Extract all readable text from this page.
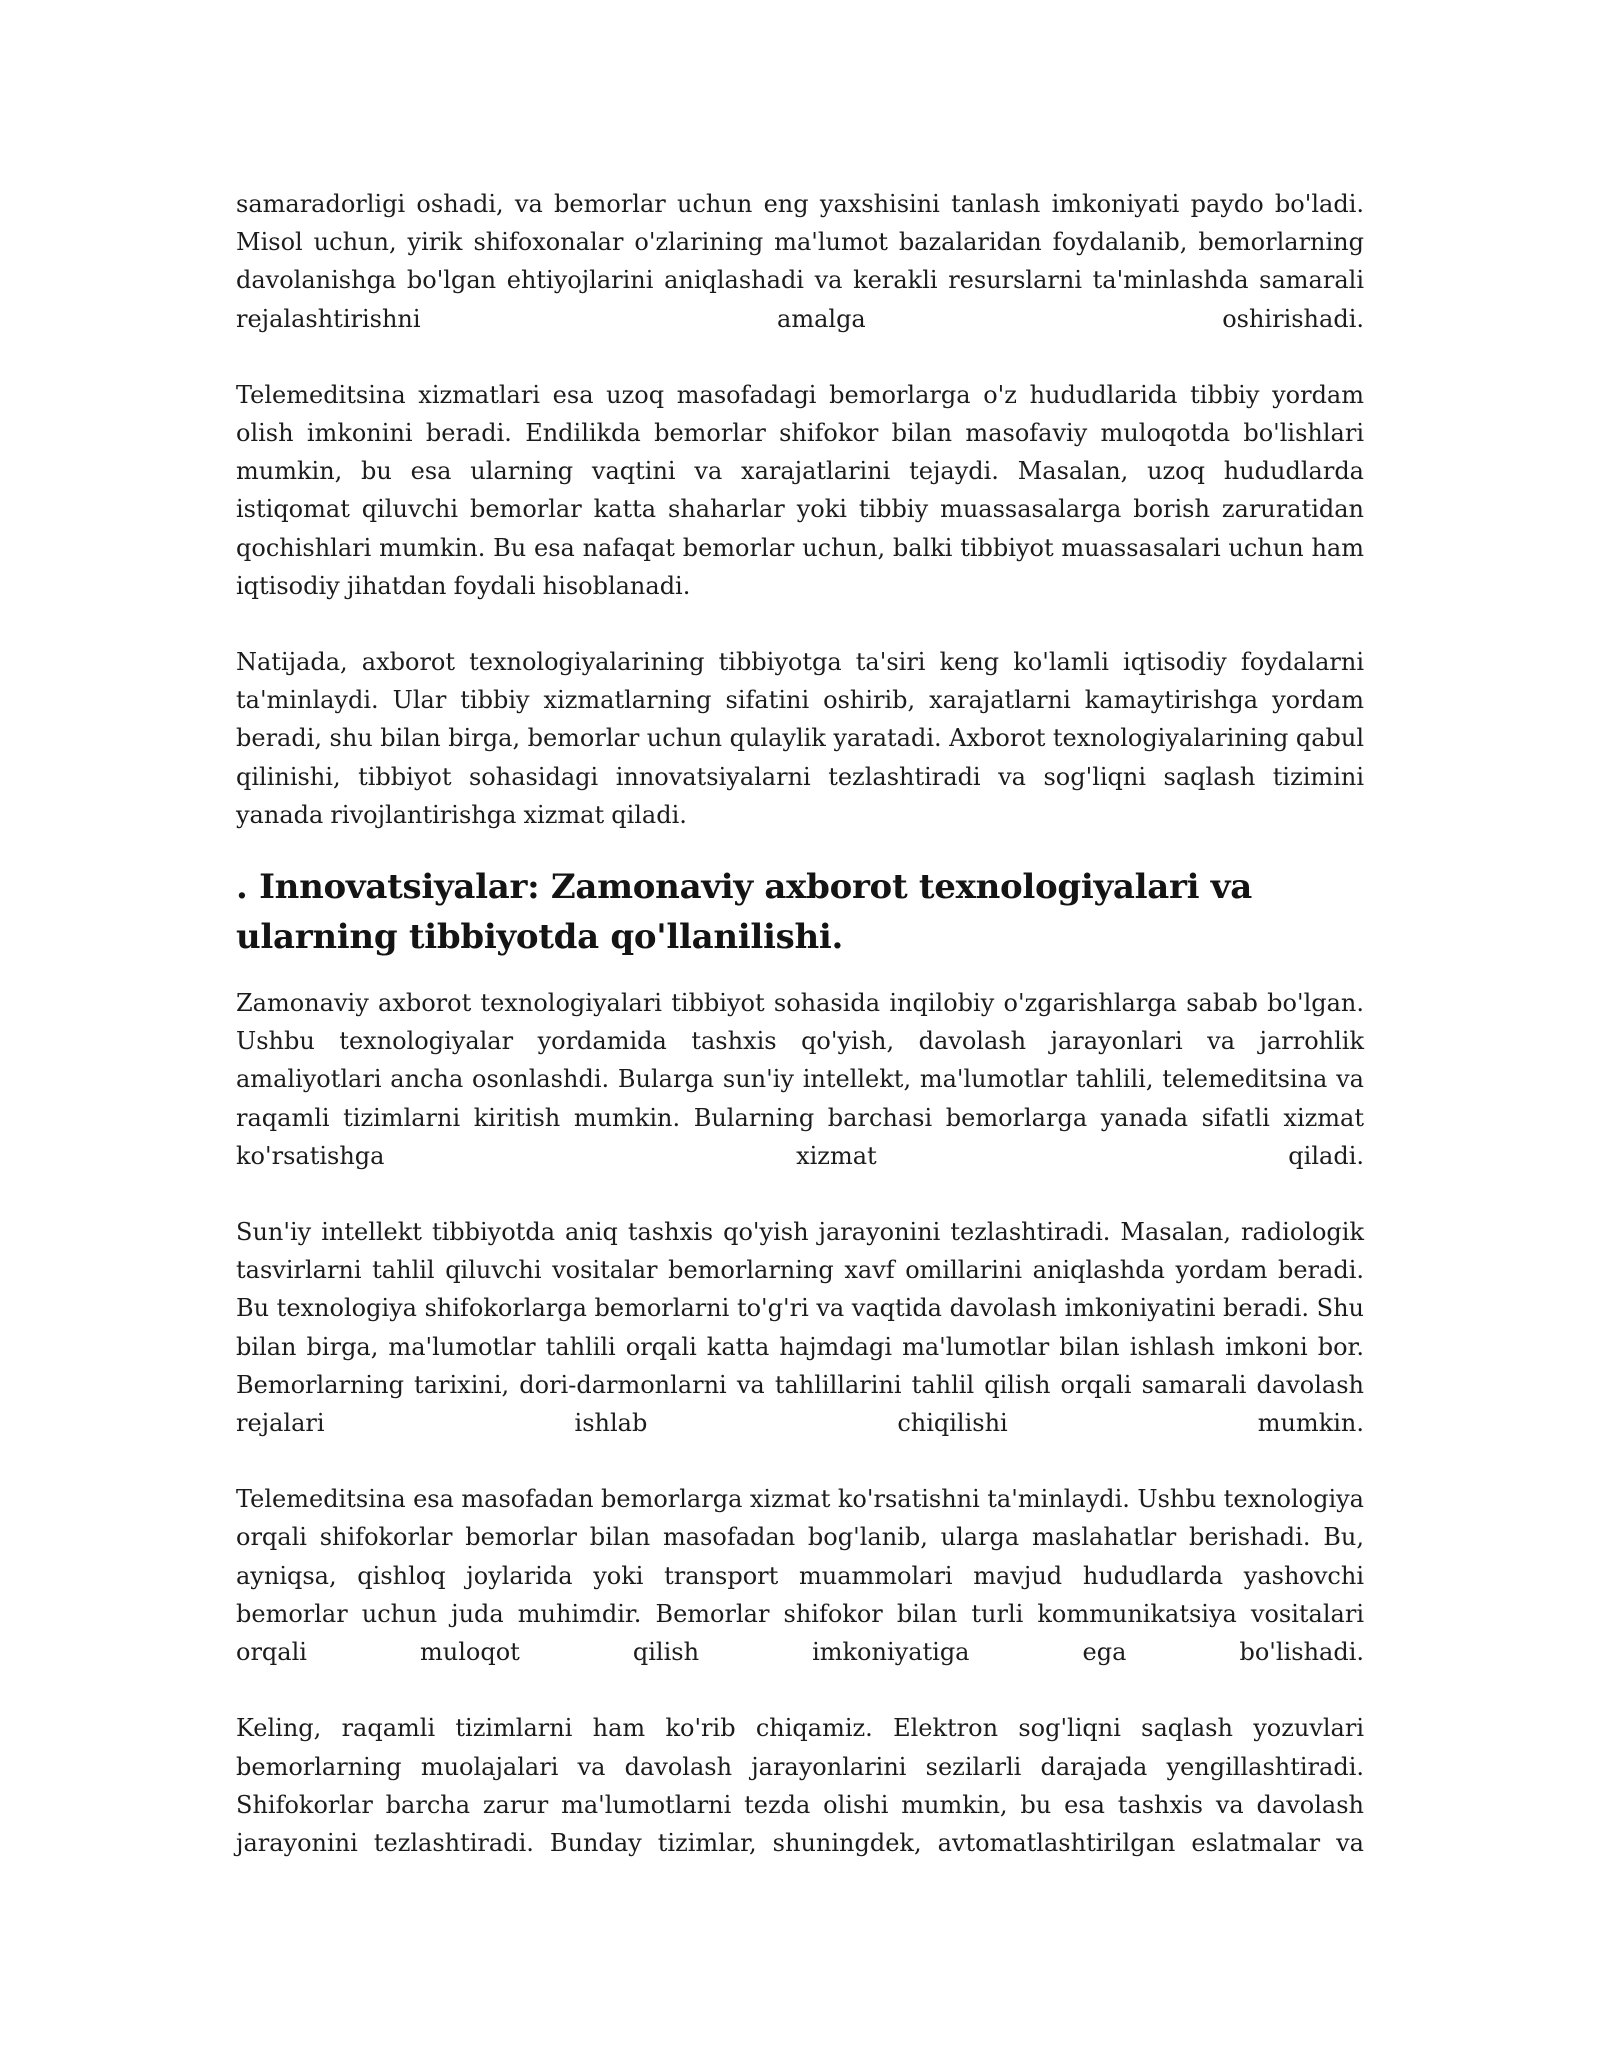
samaradorligi oshadi, va bemorlar uchun eng yaxshisini tanlash imkoniyati paydo bo'ladi. Misol uchun, yirik shifoxonalar o'zlarining ma'lumot bazalaridan foydalanib, bemorlarning davolanishga bo'lgan ehtiyojlarini aniqlashadi va kerakli resurslarni ta'minlashda samarali rejalashtirishni amalga oshirishadi.

Telemeditsina xizmatlari esa uzoq masofadagi bemorlarga o'z hududlarida tibbiy yordam olish imkonini beradi. Endilikda bemorlar shifokor bilan masofaviy muloqotda bo'lishlari mumkin, bu esa ularning vaqtini va xarajatlarini tejaydi. Masalan, uzoq hududlarda istiqomat qiluvchi bemorlar katta shaharlar yoki tibbiy muassasalarga borish zaruratidan qochishlari mumkin. Bu esa nafaqat bemorlar uchun, balki tibbiyot muassasalari uchun ham iqtisodiy jihatdan foydali hisoblanadi.

Natijada, axborot texnologiyalarining tibbiyotga ta'siri keng ko'lamli iqtisodiy foydalarni ta'minlaydi. Ular tibbiy xizmatlarning sifatini oshirib, xarajatlarni kamaytirishga yordam beradi, shu bilan birga, bemorlar uchun qulaylik yaratadi. Axborot texnologiyalarining qabul qilinishi, tibbiyot sohasidagi innovatsiyalarni tezlashtiradi va sog'liqni saqlash tizimini yanada rivojlantirishga xizmat qiladi.

. Innovatsiyalar: Zamonaviy axborot texnologiyalari va ularning tibbiyotda qo'llanilishi.

Zamonaviy axborot texnologiyalari tibbiyot sohasida inqilobiy o'zgarishlarga sabab bo'lgan. Ushbu texnologiyalar yordamida tashxis qo'yish, davolash jarayonlari va jarrohlik amaliyotlari ancha osonlashdi. Bularga sun'iy intellekt, ma'lumotlar tahlili, telemeditsina va raqamli tizimlarni kiritish mumkin. Bularning barchasi bemorlarga yanada sifatli xizmat ko'rsatishga xizmat qiladi.

Sun'iy intellekt tibbiyotda aniq tashxis qo'yish jarayonini tezlashtiradi. Masalan, radiologik tasvirlarni tahlil qiluvchi vositalar bemorlarning xavf omillarini aniqlashda yordam beradi. Bu texnologiya shifokorlarga bemorlarni to'g'ri va vaqtida davolash imkoniyatini beradi. Shu bilan birga, ma'lumotlar tahlili orqali katta hajmdagi ma'lumotlar bilan ishlash imkoni bor. Bemorlarning tarixini, dori-darmonlarni va tahlillarini tahlil qilish orqali samarali davolash rejalari ishlab chiqilishi mumkin.

Telemeditsina esa masofadan bemorlarga xizmat ko'rsatishni ta'minlaydi. Ushbu texnologiya orqali shifokorlar bemorlar bilan masofadan bog'lanib, ularga maslahatlar berishadi. Bu, ayniqsa, qishloq joylarida yoki transport muammolari mavjud hududlarda yashovchi bemorlar uchun juda muhimdir. Bemorlar shifokor bilan turli kommunikatsiya vositalari orqali muloqot qilish imkoniyatiga ega bo'lishadi.

Keling, raqamli tizimlarni ham ko'rib chiqamiz. Elektron sog'liqni saqlash yozuvlari bemorlarning muolajalari va davolash jarayonlarini sezilarli darajada yengillashtiradi. Shifokorlar barcha zarur ma'lumotlarni tezda olishi mumkin, bu esa tashxis va davolash jarayonini tezlashtiradi. Bunday tizimlar, shuningdek, avtomatlashtirilgan eslatmalar va
